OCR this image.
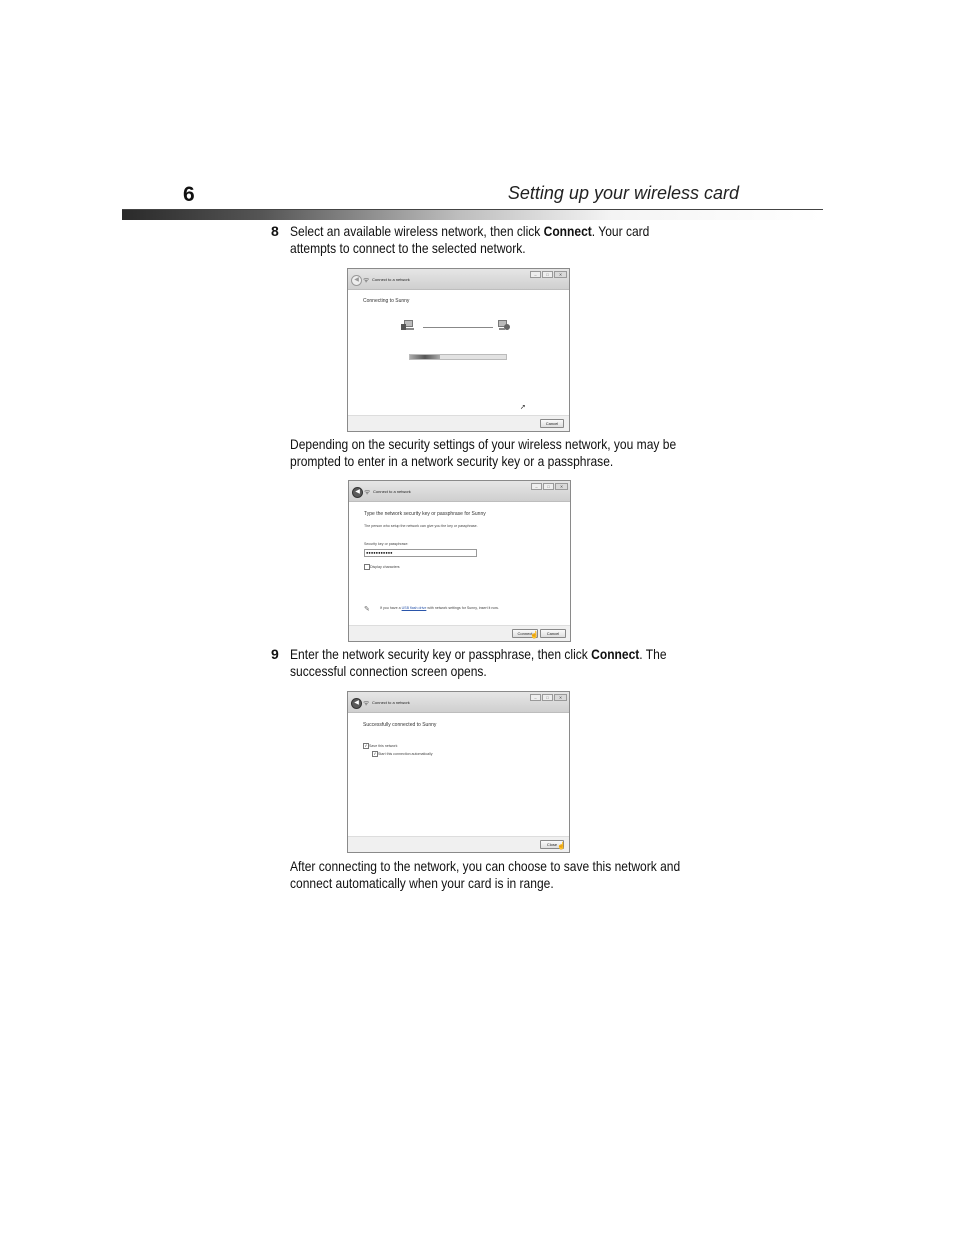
6	Setting up your wireless card
8 Select an available wireless network, then click Connect. Your card attempts to connect to the selected network.

◀ ᯤ Connect to a network
–	□	✕
Connecting to Sunny
➚
Cancel

Depending on the security settings of your wireless network, you may be prompted to enter in a network security key or a passphrase.

◀ ᯤ Connect to a network
–	□	✕
Type the network security key or passphrase for Sunny
The person who setup the network can give you the key or passphrase.
Security key or passphrase:
●●●●●●●●●●●
Display characters
✎	If you have a USB flash drive with network settings for Sunny, insert it now.
Connect	Cancel
☝
9 Enter the network security key or passphrase, then click Connect. The successful connection screen opens.

◀ ᯤ Connect to a network
–	□	✕
Successfully connected to Sunny
✓ Save this network
✓ Start this connection automatically
Close ☝

After connecting to the network, you can choose to save this network and connect automatically when your card is in range.
